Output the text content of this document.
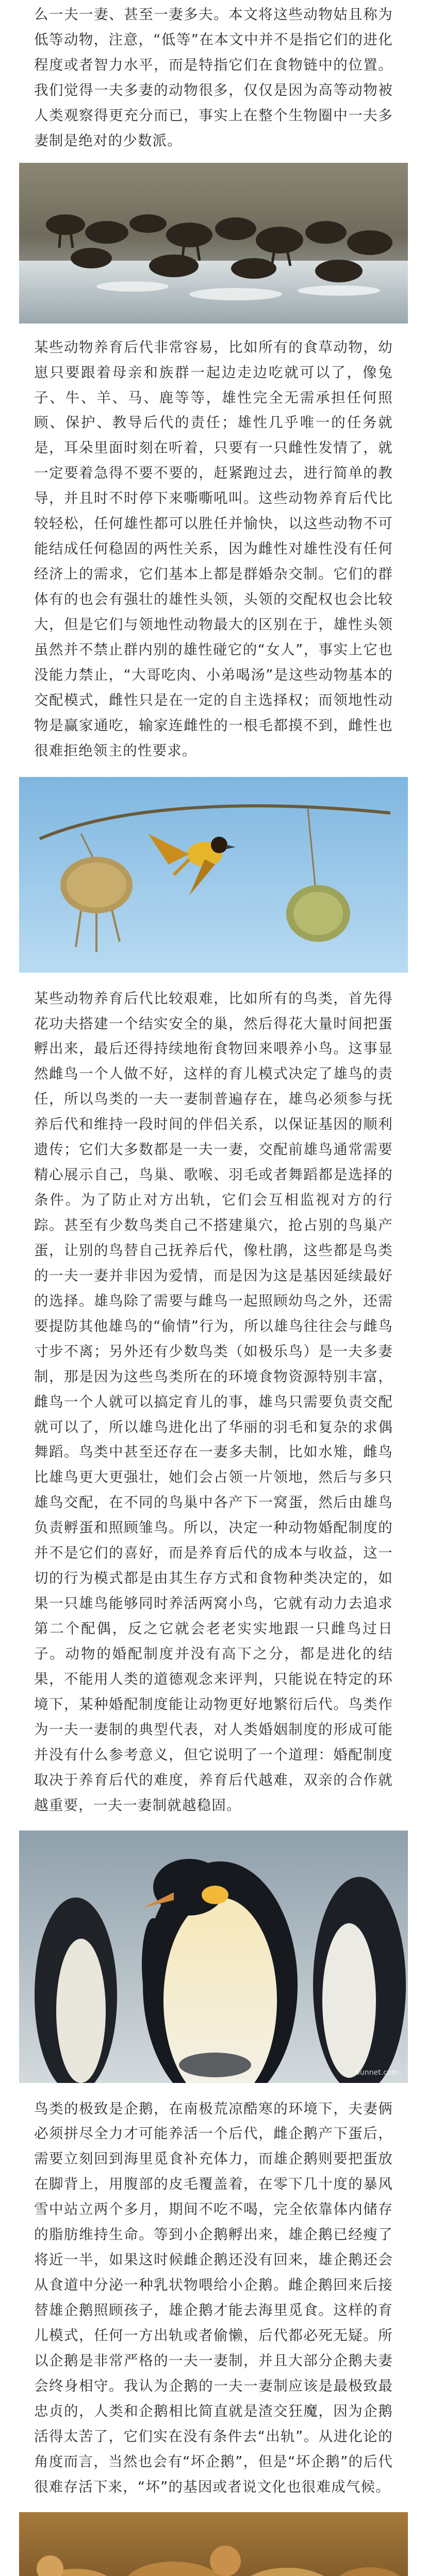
么一夫一妻、甚至一妻多夫。本文将这些动物姑且称为低等动物，注意，“低等”在本文中并不是指它们的进化程度或者智力水平，而是特指它们在食物链中的位置。我们觉得一夫多妻的动物很多，仅仅是因为高等动物被人类观察得更充分而已，事实上在整个生物圈中一夫多妻制是绝对的少数派。

某些动物养育后代非常容易，比如所有的食草动物，幼崽只要跟着母亲和族群一起边走边吃就可以了，像兔子、牛、羊、马、鹿等等，雄性完全无需承担任何照顾、保护、教导后代的责任；雄性几乎唯一的任务就是，耳朵里面时刻在听着，只要有一只雌性发情了，就一定要着急得不要不要的，赶紧跑过去，进行简单的教导，并且时不时停下来嘶嘶吼叫。这些动物养育后代比较轻松，任何雄性都可以胜任并愉快，以这些动物不可能结成任何稳固的两性关系，因为雌性对雄性没有任何经济上的需求，它们基本上都是群婚杂交制。它们的群体有的也会有强壮的雄性头领，头领的交配权也会比较大，但是它们与领地性动物最大的区别在于，雄性头领虽然并不禁止群内别的雄性碰它的“女人”，事实上它也没能力禁止，“大哥吃肉、小弟喝汤”是这些动物基本的交配模式，雌性只是在一定的自主选择权；而领地性动物是赢家通吃，输家连雌性的一根毛都摸不到，雌性也很难拒绝领主的性要求。

某些动物养育后代比较艰难，比如所有的鸟类，首先得花功夫搭建一个结实安全的巢，然后得花大量时间把蛋孵出来，最后还得持续地衔食物回来喂养小鸟。这事显然雌鸟一个人做不好，这样的育儿模式决定了雄鸟的责任，所以鸟类的一夫一妻制普遍存在，雄鸟必须参与抚养后代和维持一段时间的伴侣关系，以保证基因的顺利遗传；它们大多数都是一夫一妻，交配前雄鸟通常需要精心展示自己，鸟巢、歌喉、羽毛或者舞蹈都是选择的条件。为了防止对方出轨，它们会互相监视对方的行踪。甚至有少数鸟类自己不搭建巢穴，抢占别的鸟巢产蛋，让别的鸟替自己抚养后代，像杜鹃，这些都是鸟类的一夫一妻并非因为爱情，而是因为这是基因延续最好的选择。雄鸟除了需要与雌鸟一起照顾幼鸟之外，还需要提防其他雄鸟的“偷情”行为，所以雄鸟往往会与雌鸟寸步不离；另外还有少数鸟类（如极乐鸟）是一夫多妻制，那是因为这些鸟类所在的环境食物资源特别丰富，雌鸟一个人就可以搞定育儿的事，雄鸟只需要负责交配就可以了，所以雄鸟进化出了华丽的羽毛和复杂的求偶舞蹈。鸟类中甚至还存在一妻多夫制，比如水雉，雌鸟比雄鸟更大更强壮，她们会占领一片领地，然后与多只雄鸟交配，在不同的鸟巢中各产下一窝蛋，然后由雄鸟负责孵蛋和照顾雏鸟。所以，决定一种动物婚配制度的并不是它们的喜好，而是养育后代的成本与收益，这一切的行为模式都是由其生存方式和食物种类决定的，如果一只雄鸟能够同时养活两窝小鸟，它就有动力去追求第二个配偶，反之它就会老老实实地跟一只雌鸟过日子。动物的婚配制度并没有高下之分，都是进化的结果，不能用人类的道德观念来评判，只能说在特定的环境下，某种婚配制度能让动物更好地繁衍后代。鸟类作为一夫一妻制的典型代表，对人类婚姻制度的形成可能并没有什么参考意义，但它说明了一个道理：婚配制度取决于养育后代的难度，养育后代越难，双亲的合作就越重要，一夫一妻制就越稳固。

bunnet.com

鸟类的极致是企鹅，在南极荒凉酷寒的环境下，夫妻俩必须拼尽全力才可能养活一个后代，雌企鹅产下蛋后，需要立刻回到海里觅食补充体力，而雄企鹅则要把蛋放在脚背上，用腹部的皮毛覆盖着，在零下几十度的暴风雪中站立两个多月，期间不吃不喝，完全依靠体内储存的脂肪维持生命。等到小企鹅孵出来，雄企鹅已经瘦了将近一半，如果这时候雌企鹅还没有回来，雄企鹅还会从食道中分泌一种乳状物喂给小企鹅。雌企鹅回来后接替雄企鹅照顾孩子，雄企鹅才能去海里觅食。这样的育儿模式，任何一方出轨或者偷懒，后代都必死无疑。所以企鹅是非常严格的一夫一妻制，并且大部分企鹅夫妻会终身相守。我认为企鹅的一夫一妻制应该是最极致最忠贞的，人类和企鹅相比简直就是渣交狂魔，因为企鹅活得太苦了，它们实在没有条件去“出轨”。从进化论的角度而言，当然也会有“坏企鹅”，但是“坏企鹅”的后代很难存活下来，“坏”的基因或者说文化也很难成气候。
